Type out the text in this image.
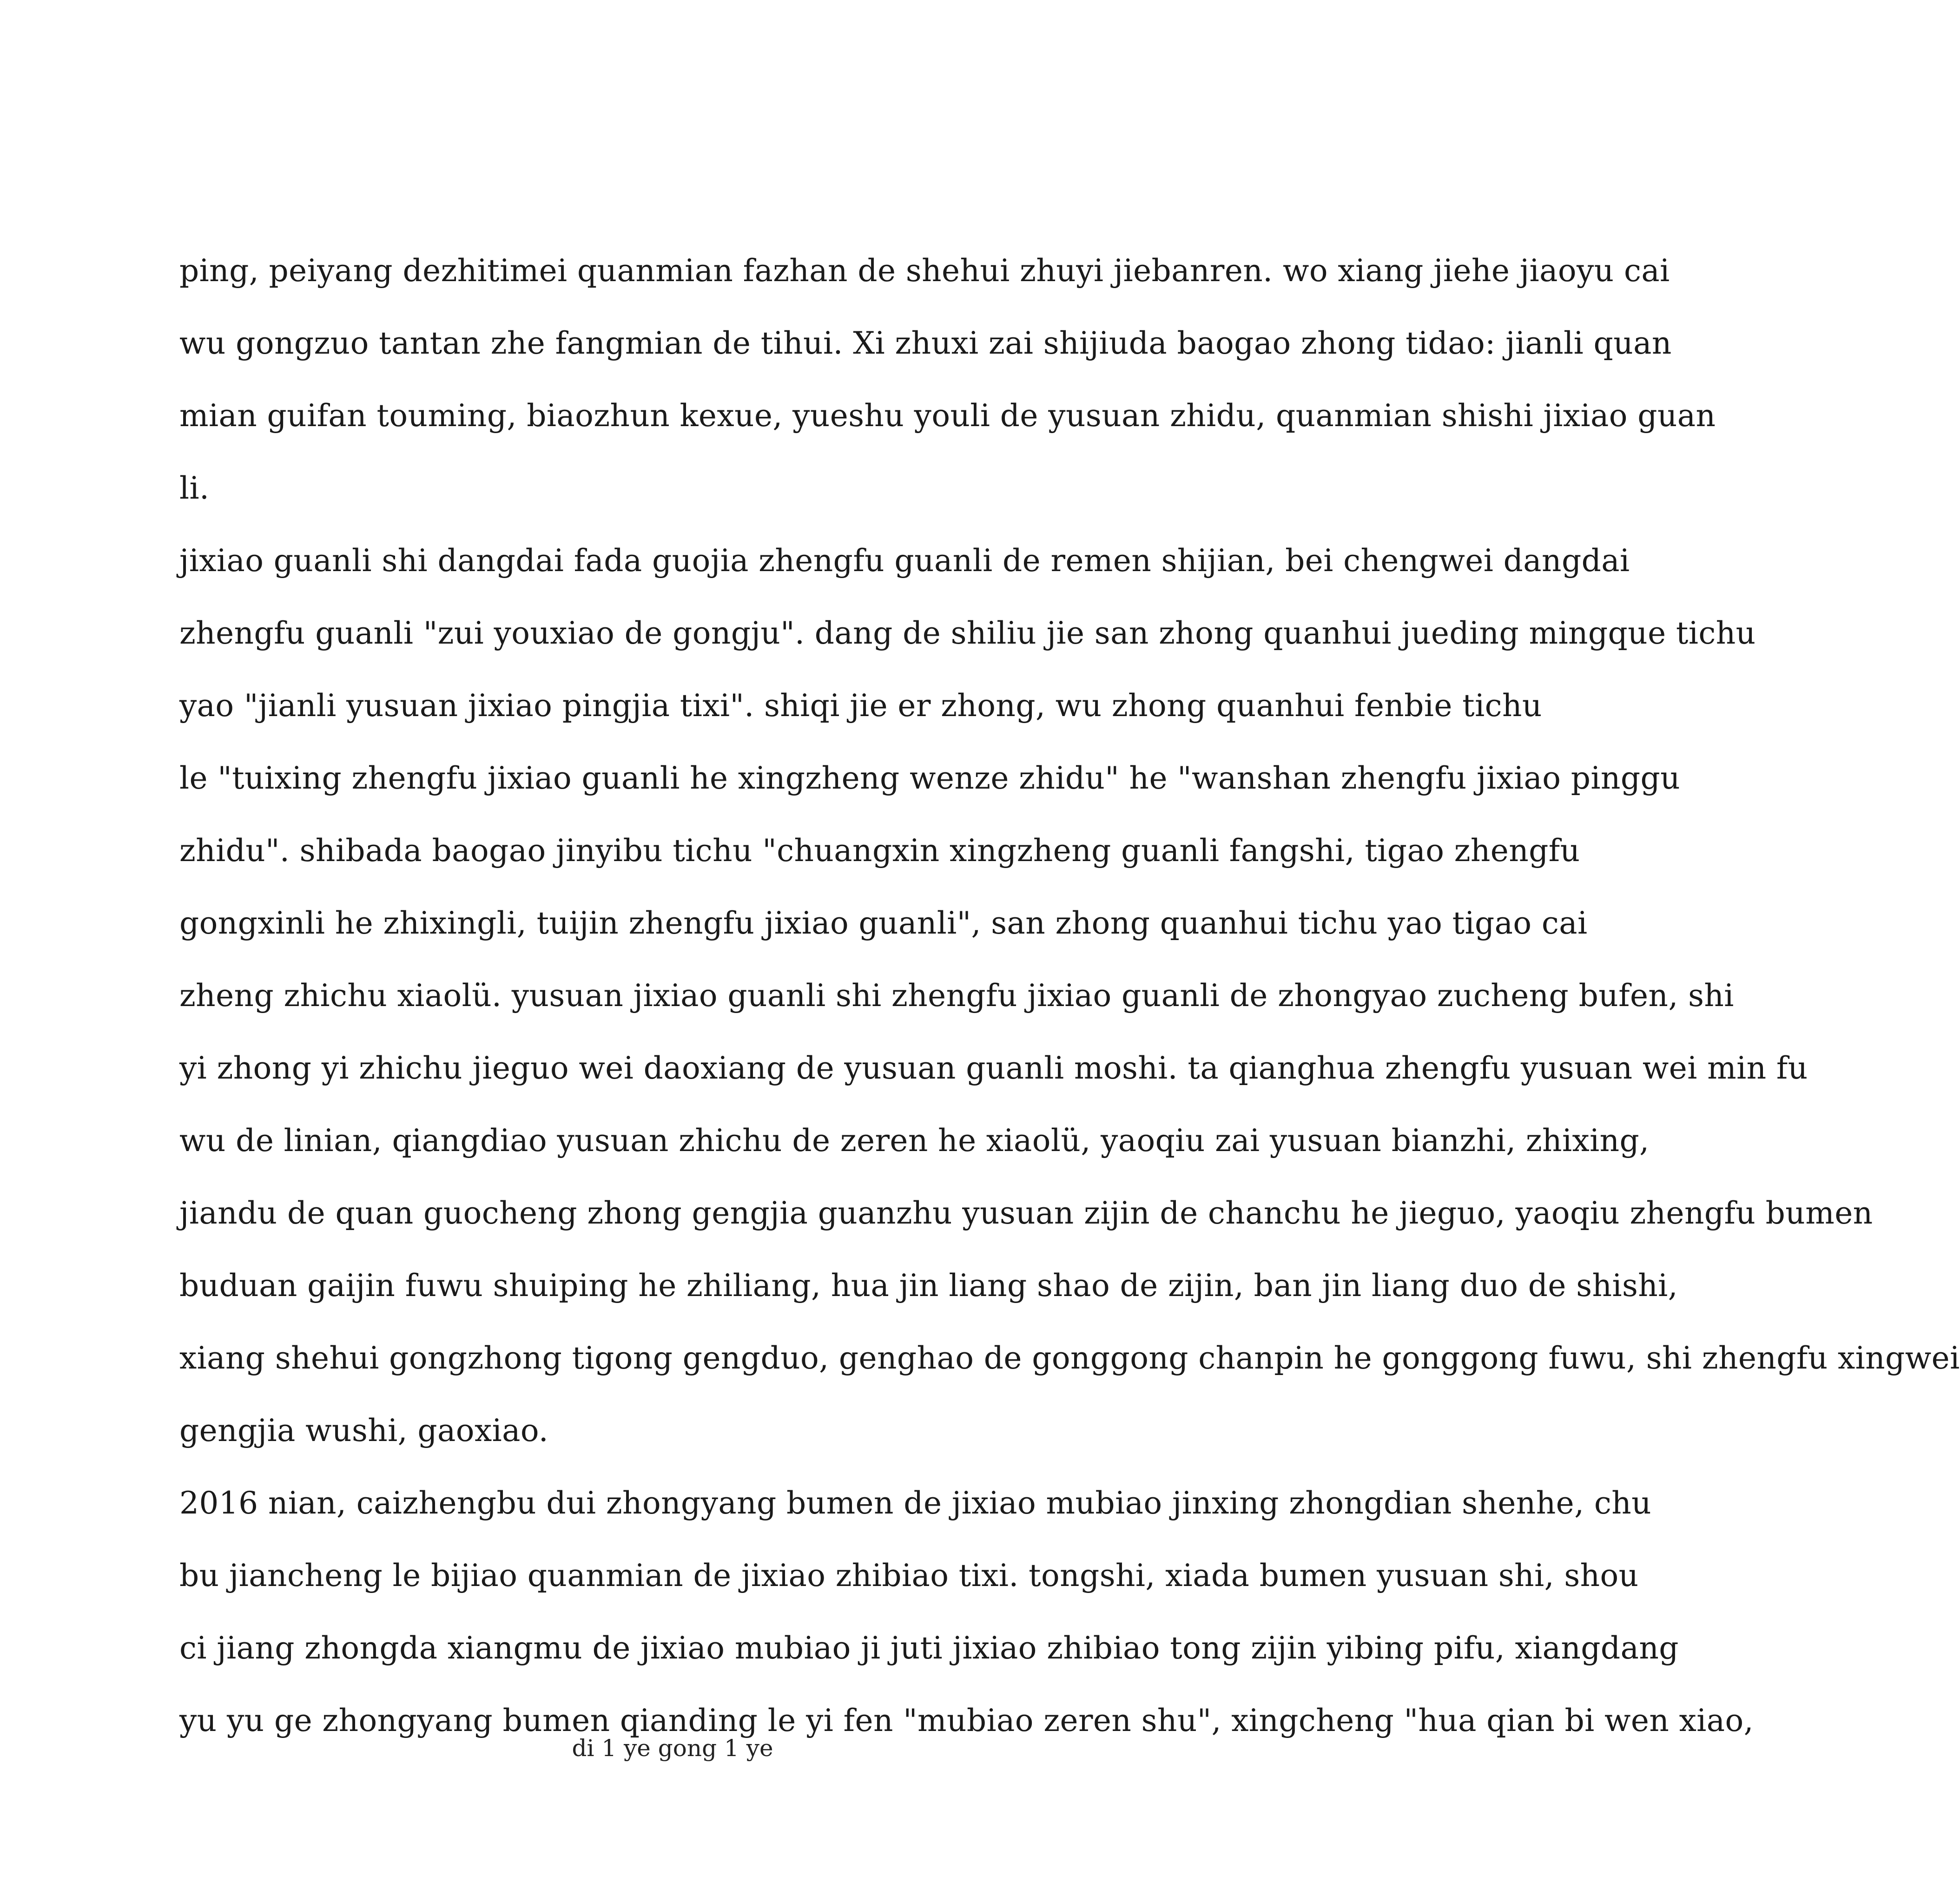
ping, peiyang dezhitimei quanmian fazhan de shehui zhuyi jiebanren. wo xiang jiehe jiaoyu cai
wu gongzuo tantan zhe fangmian de tihui. Xi zhuxi zai shijiuda baogao zhong tidao: jianli quan
mian guifan touming, biaozhun kexue, yueshu youli de yusuan zhidu, quanmian shishi jixiao guan
li.
jixiao guanli shi dangdai fada guojia zhengfu guanli de remen shijian, bei chengwei dangdai
zhengfu guanli "zui youxiao de gongju". dang de shiliu jie san zhong quanhui jueding mingque tichu
yao "jianli yusuan jixiao pingjia tixi". shiqi jie er zhong, wu zhong quanhui fenbie tichu
le "tuixing zhengfu jixiao guanli he xingzheng wenze zhidu" he "wanshan zhengfu jixiao pinggu
zhidu". shibada baogao jinyibu tichu "chuangxin xingzheng guanli fangshi, tigao zhengfu
gongxinli he zhixingli, tuijin zhengfu jixiao guanli", san zhong quanhui tichu yao tigao cai
zheng zhichu xiaolü. yusuan jixiao guanli shi zhengfu jixiao guanli de zhongyao zucheng bufen, shi
yi zhong yi zhichu jieguo wei daoxiang de yusuan guanli moshi. ta qianghua zhengfu yusuan wei min fu
wu de linian, qiangdiao yusuan zhichu de zeren he xiaolü, yaoqiu zai yusuan bianzhi, zhixing,
jiandu de quan guocheng zhong gengjia guanzhu yusuan zijin de chanchu he jieguo, yaoqiu zhengfu bumen
buduan gaijin fuwu shuiping he zhiliang, hua jin liang shao de zijin, ban jin liang duo de shishi,
xiang shehui gongzhong tigong gengduo, genghao de gonggong chanpin he gonggong fuwu, shi zhengfu xingwei
gengjia wushi, gaoxiao.
2016 nian, caizhengbu dui zhongyang bumen de jixiao mubiao jinxing zhongdian shenhe, chu
bu jiancheng le bijiao quanmian de jixiao zhibiao tixi. tongshi, xiada bumen yusuan shi, shou
ci jiang zhongda xiangmu de jixiao mubiao ji juti jixiao zhibiao tong zijin yibing pifu, xiangdang
yu yu ge zhongyang bumen qianding le yi fen "mubiao zeren shu", xingcheng "hua qian bi wen xiao,
di 1 ye gong 1 ye
